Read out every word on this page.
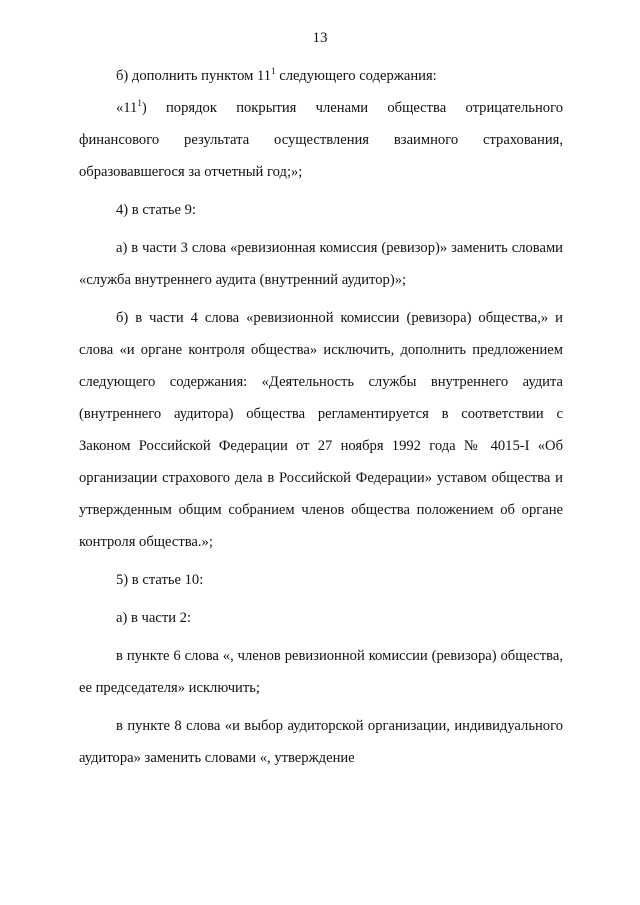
13

б) дополнить пунктом $11^1$ следующего содержания:

«$11^1$) порядок покрытия членами общества отрицательного финансового результата осуществления взаимного страхования, образовавшегося за отчетный год;»;

4) в статье 9:

а) в части 3 слова «ревизионная комиссия (ревизор)» заменить словами «служба внутреннего аудита (внутренний аудитор)»;

б) в части 4 слова «ревизионной комиссии (ревизора) общества,» и слова «и органе контроля общества» исключить, дополнить предложением следующего содержания: «Деятельность службы внутреннего аудита (внутреннего аудитора) общества регламентируется в соответствии с Законом Российской Федерации от 27 ноября 1992 года № 4015-I «Об организации страхового дела в Российской Федерации» уставом общества и утвержденным общим собранием членов общества положением об органе контроля общества.»;

5) в статье 10:

а) в части 2:

в пункте 6 слова «, членов ревизионной комиссии (ревизора) общества, ее председателя» исключить;

в пункте 8 слова «и выбор аудиторской организации, индивидуального аудитора» заменить словами «, утверждение
